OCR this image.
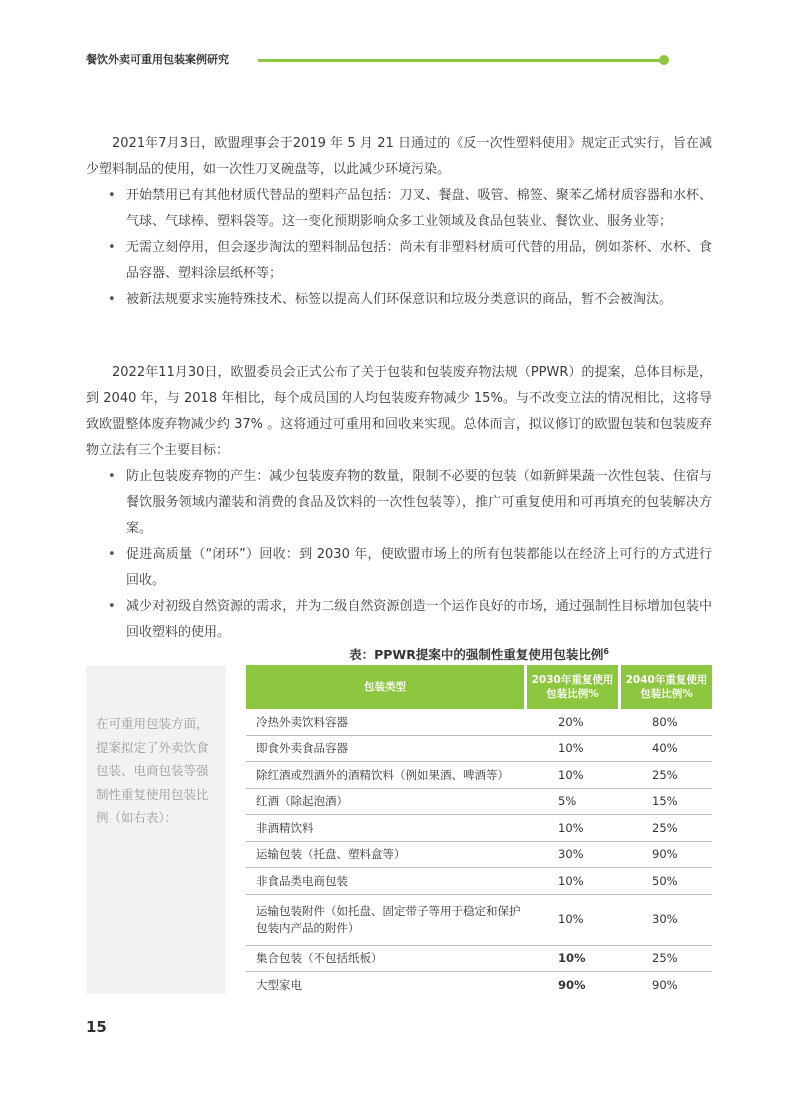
餐饮外卖可重用包装案例研究

2021年7月3日，欧盟理事会于2019 年 5 月 21 日通过的《反一次性塑料使用》规定正式实行，旨在减少塑料制品的使用，如一次性刀叉碗盘等，以此减少环境污染。

• 开始禁用已有其他材质代替品的塑料产品包括：刀叉、餐盘、吸管、棉签、聚苯乙烯材质容器和水杯、气球、气球棒、塑料袋等。这一变化预期影响众多工业领域及食品包装业、餐饮业、服务业等；
• 无需立刻停用，但会逐步淘汰的塑料制品包括：尚未有非塑料材质可代替的用品，例如茶杯、水杯、食品容器、塑料涂层纸杯等；
• 被新法规要求实施特殊技术、标签以提高人们环保意识和垃圾分类意识的商品，暂不会被淘汰。

2022年11月30日，欧盟委员会正式公布了关于包装和包装废弃物法规（PPWR）的提案，总体目标是，到 2040 年，与 2018 年相比，每个成员国的人均包装废弃物减少 15%。与不改变立法的情况相比，这将导致欧盟整体废弃物减少约 37% 。这将通过可重用和回收来实现。总体而言，拟议修订的欧盟包装和包装废弃物立法有三个主要目标：

• 防止包装废弃物的产生：减少包装废弃物的数量，限制不必要的包装（如新鲜果蔬一次性包装、住宿与餐饮服务领域内灌装和消费的食品及饮料的一次性包装等），推广可重复使用和可再填充的包装解决方案。
• 促进高质量（“闭环”）回收：到 2030 年，使欧盟市场上的所有包装都能以在经济上可行的方式进行回收。
• 减少对初级自然资源的需求，并为二级自然资源创造一个运作良好的市场，通过强制性目标增加包装中回收塑料的使用。

在可重用包装方面，提案拟定了外卖饮食包装、电商包装等强制性重复使用包装比例（如右表）：

表：PPWR提案中的强制性重复使用包装比例$^6$
包装类型	2030年重复使用包装比例%	2040年重复使用包装比例%
冷热外卖饮料容器	20%	80%
即食外卖食品容器	10%	40%
除红酒或烈酒外的酒精饮料（例如果酒、啤酒等）	10%	25%
红酒（除起泡酒）	5%	15%
非酒精饮料	10%	25%
运输包装（托盘、塑料盒等）	30%	90%
非食品类电商包装	10%	50%
运输包装附件（如托盘、固定带子等用于稳定和保护包装内产品的附件）	10%	30%
集合包装（不包括纸板）	10%	25%
大型家电	90%	90%
15
